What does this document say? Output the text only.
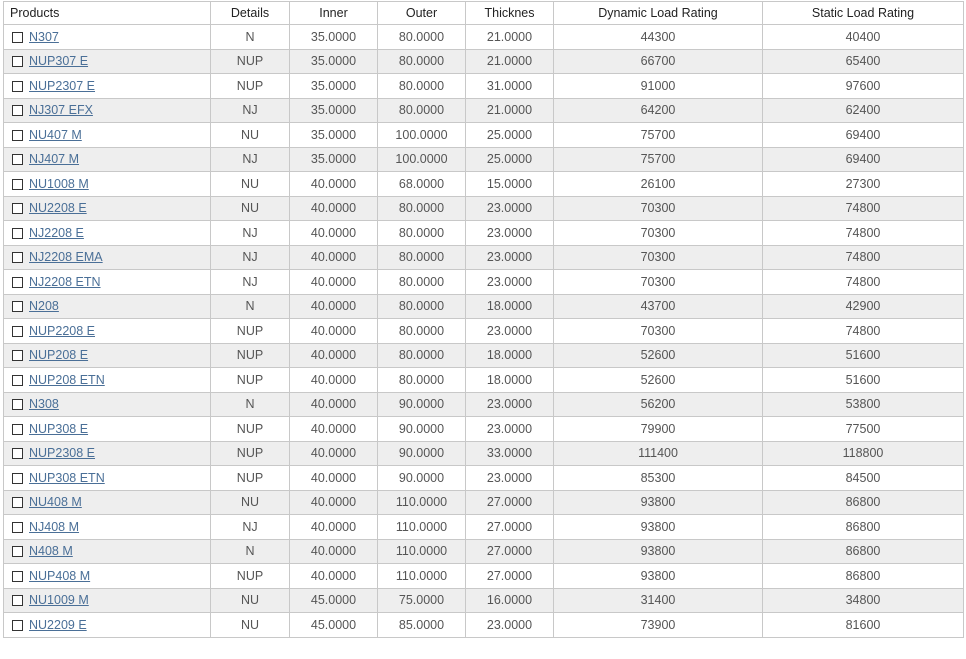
Products	Details	Inner	Outer	Thicknes	Dynamic Load Rating	Static Load Rating
N307	N	35.0000	80.0000	21.0000	44300	40400
NUP307 E	NUP	35.0000	80.0000	21.0000	66700	65400
NUP2307 E	NUP	35.0000	80.0000	31.0000	91000	97600
NJ307 EFX	NJ	35.0000	80.0000	21.0000	64200	62400
NU407 M	NU	35.0000	100.0000	25.0000	75700	69400
NJ407 M	NJ	35.0000	100.0000	25.0000	75700	69400
NU1008 M	NU	40.0000	68.0000	15.0000	26100	27300
NU2208 E	NU	40.0000	80.0000	23.0000	70300	74800
NJ2208 E	NJ	40.0000	80.0000	23.0000	70300	74800
NJ2208 EMA	NJ	40.0000	80.0000	23.0000	70300	74800
NJ2208 ETN	NJ	40.0000	80.0000	23.0000	70300	74800
N208	N	40.0000	80.0000	18.0000	43700	42900
NUP2208 E	NUP	40.0000	80.0000	23.0000	70300	74800
NUP208 E	NUP	40.0000	80.0000	18.0000	52600	51600
NUP208 ETN	NUP	40.0000	80.0000	18.0000	52600	51600
N308	N	40.0000	90.0000	23.0000	56200	53800
NUP308 E	NUP	40.0000	90.0000	23.0000	79900	77500
NUP2308 E	NUP	40.0000	90.0000	33.0000	111400	118800
NUP308 ETN	NUP	40.0000	90.0000	23.0000	85300	84500
NU408 M	NU	40.0000	110.0000	27.0000	93800	86800
NJ408 M	NJ	40.0000	110.0000	27.0000	93800	86800
N408 M	N	40.0000	110.0000	27.0000	93800	86800
NUP408 M	NUP	40.0000	110.0000	27.0000	93800	86800
NU1009 M	NU	45.0000	75.0000	16.0000	31400	34800
NU2209 E	NU	45.0000	85.0000	23.0000	73900	81600
